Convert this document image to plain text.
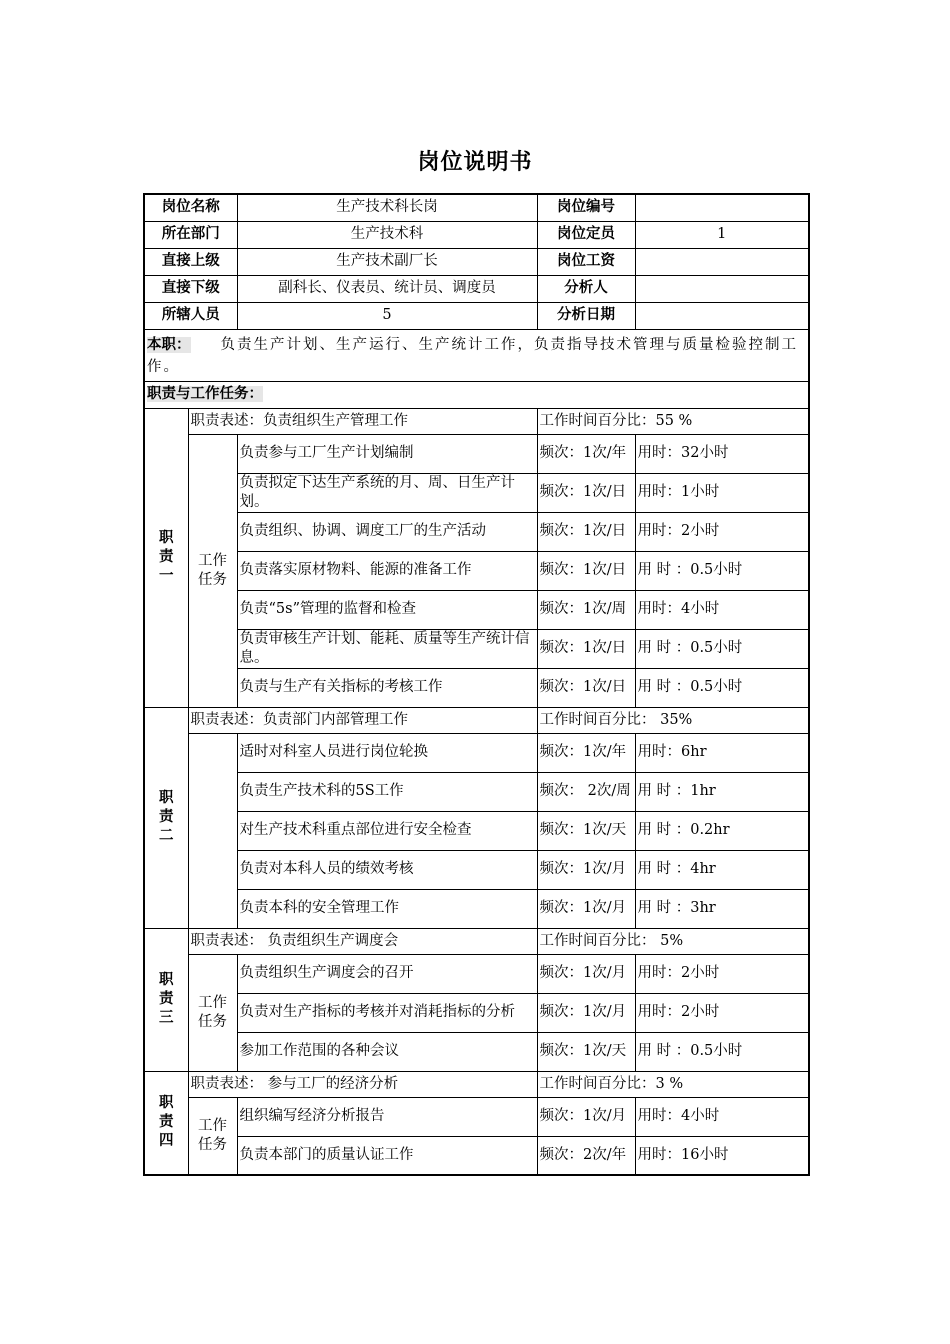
岗位说明书
岗位名称		生产技术科长岗	岗位编号	
所在部门		生产技术科	岗位定员	1
直接上级		生产技术副厂长	岗位工资	
直接下级		副科长、仪表员、统计员、调度员	分析人	
所辖人员		5	分析日期	
本职： 负责生产计划、生产运行、生产统计工作，负责指导技术管理与质量检验控制工作。				
职责与工作任务：				

职责一	职责表述：负责组织生产管理工作		工作时间百分比：55 %	

	工作任务	负责参与工厂生产计划编制	频次：1次/年	用时：32小时
		负责拟定下达生产系统的月、周、日生产计划。	频次：1次/日	用时：1小时
		负责组织、协调、调度工厂的生产活动	频次：1次/日	用时：2小时
		负责落实原材物料、能源的准备工作	频次：1次/日	用 时 ：0.5小时
		负责“5s”管理的监督和检查	频次：1次/周	用时：4小时
		负责审核生产计划、能耗、质量等生产统计信息。	频次：1次/日	用 时 ：0.5小时
		负责与生产有关指标的考核工作	频次：1次/日	用 时 ：0.5小时

职责二	职责表述：负责部门内部管理工作		工作时间百分比： 35%	

		适时对科室人员进行岗位轮换	频次：1次/年	用时：6hr
		负责生产技术科的5S工作	频次： 2次/周	用 时 ：1hr
		对生产技术科重点部位进行安全检查	频次：1次/天	用 时 ：0.2hr
		负责对本科人员的绩效考核	频次：1次/月	用 时 ：4hr
		负责本科的安全管理工作	频次：1次/月	用 时 ：3hr

职责三	职责表述： 负责组织生产调度会		工作时间百分比： 5%	

	工作任务	负责组织生产调度会的召开	频次：1次/月	用时：2小时
		负责对生产指标的考核并对消耗指标的分析	频次：1次/月	用时：2小时
		参加工作范围的各种会议	频次：1次/天	用 时 ：0.5小时

职责四	职责表述： 参与工厂的经济分析		工作时间百分比：3 %	

	工作任务	组织编写经济分析报告	频次：1次/月	用时：4小时
		负责本部门的质量认证工作	频次：2次/年	用时：16小时
